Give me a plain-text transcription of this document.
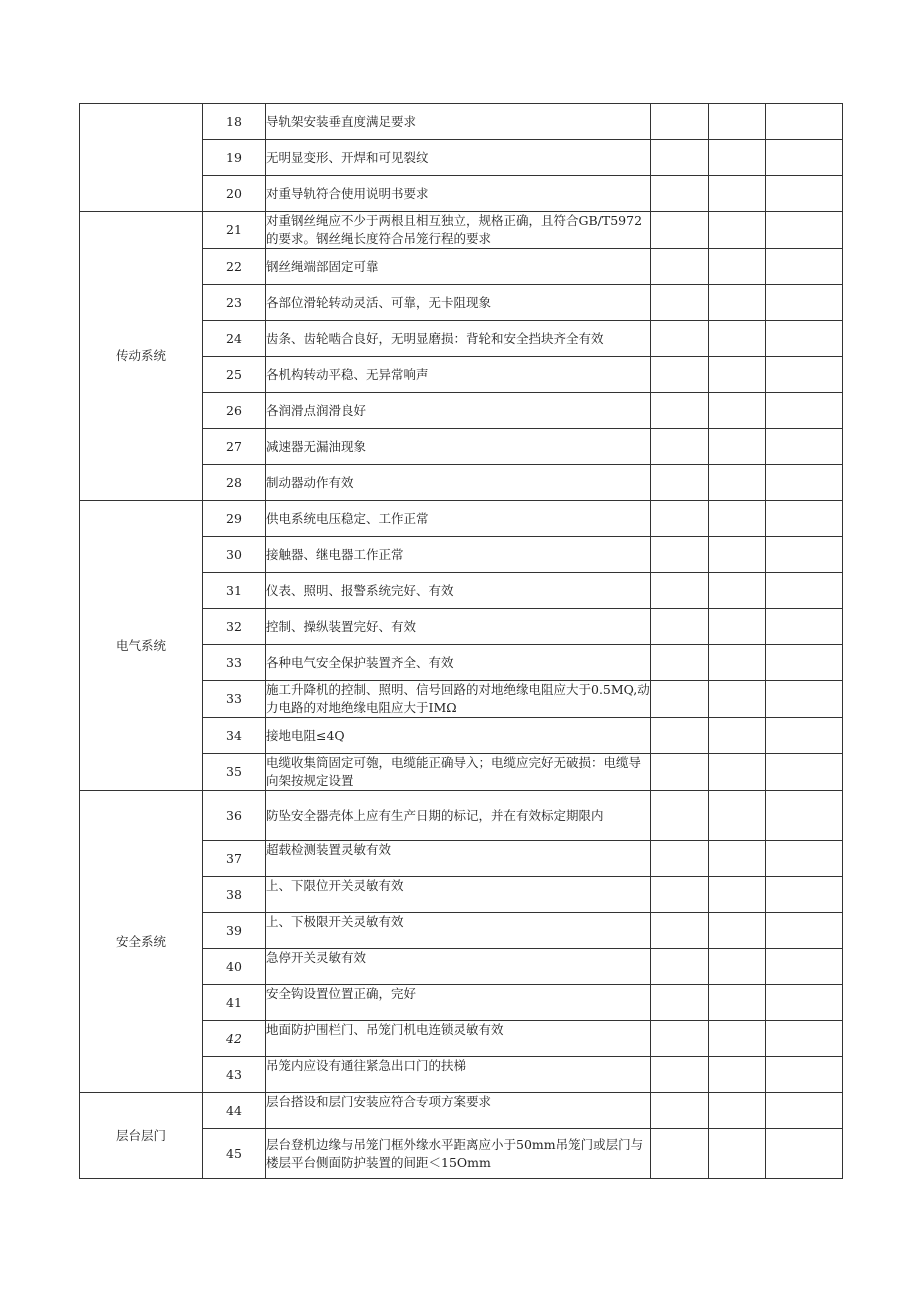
	18	导轨架安装垂直度满足要求			
	19	无明显变形、开焊和可见裂纹			
	20	对重导轨符合使用说明书要求			
传动系统	21	对重钢丝绳应不少于两根且相互独立，规格正确，且符合GB/T5972的要求。钢丝绳长度符合吊笼行程的要求			
	22	钢丝绳端部固定可靠			
	23	各部位滑轮转动灵活、可靠，无卡阻现象			
	24	齿条、齿轮啮合良好，无明显磨损：背轮和安全挡块齐全有效			
	25	各机构转动平稳、无异常响声			
	26	各润滑点润滑良好			
	27	减速器无漏油现象			
	28	制动器动作有效			
电气系统	29	供电系统电压稳定、工作正常			
	30	接触器、继电器工作正常			
	31	仪表、照明、报警系统完好、有效			
	32	控制、操纵装置完好、有效			
	33	各种电气安全保护装置齐全、有效			
	33	施工升降机的控制、照明、信号回路的对地绝缘电阻应大于0.5MQ,动力电路的对地绝缘电阻应大于IMΩ			
	34	接地电阻≤4Q			
	35	电缆收集筒固定可匏，电缆能正确导入；电缆应完好无破损：电缆导向架按规定设置			
安全系统	36	防坠安全器壳体上应有生产日期的标记，并在有效标定期限内			
	37	超载检测装置灵敏有效			
	38	上、下限位开关灵敏有效			
	39	上、下极限开关灵敏有效			
	40	急停开关灵敏有效			
	41	安全钩设置位置正确，完好			
	42	地面防护围栏门、吊笼门机电连锁灵敏有效			
	43	吊笼内应设有通往紧急出口门的扶梯			
层台层门	44	层台搭设和层门安装应符合专项方案要求			
	45	层台登机边缘与吊笼门框外缘水平距离应小于50mm吊笼门或层门与楼层平台侧面防护装置的间距＜15Omm			
